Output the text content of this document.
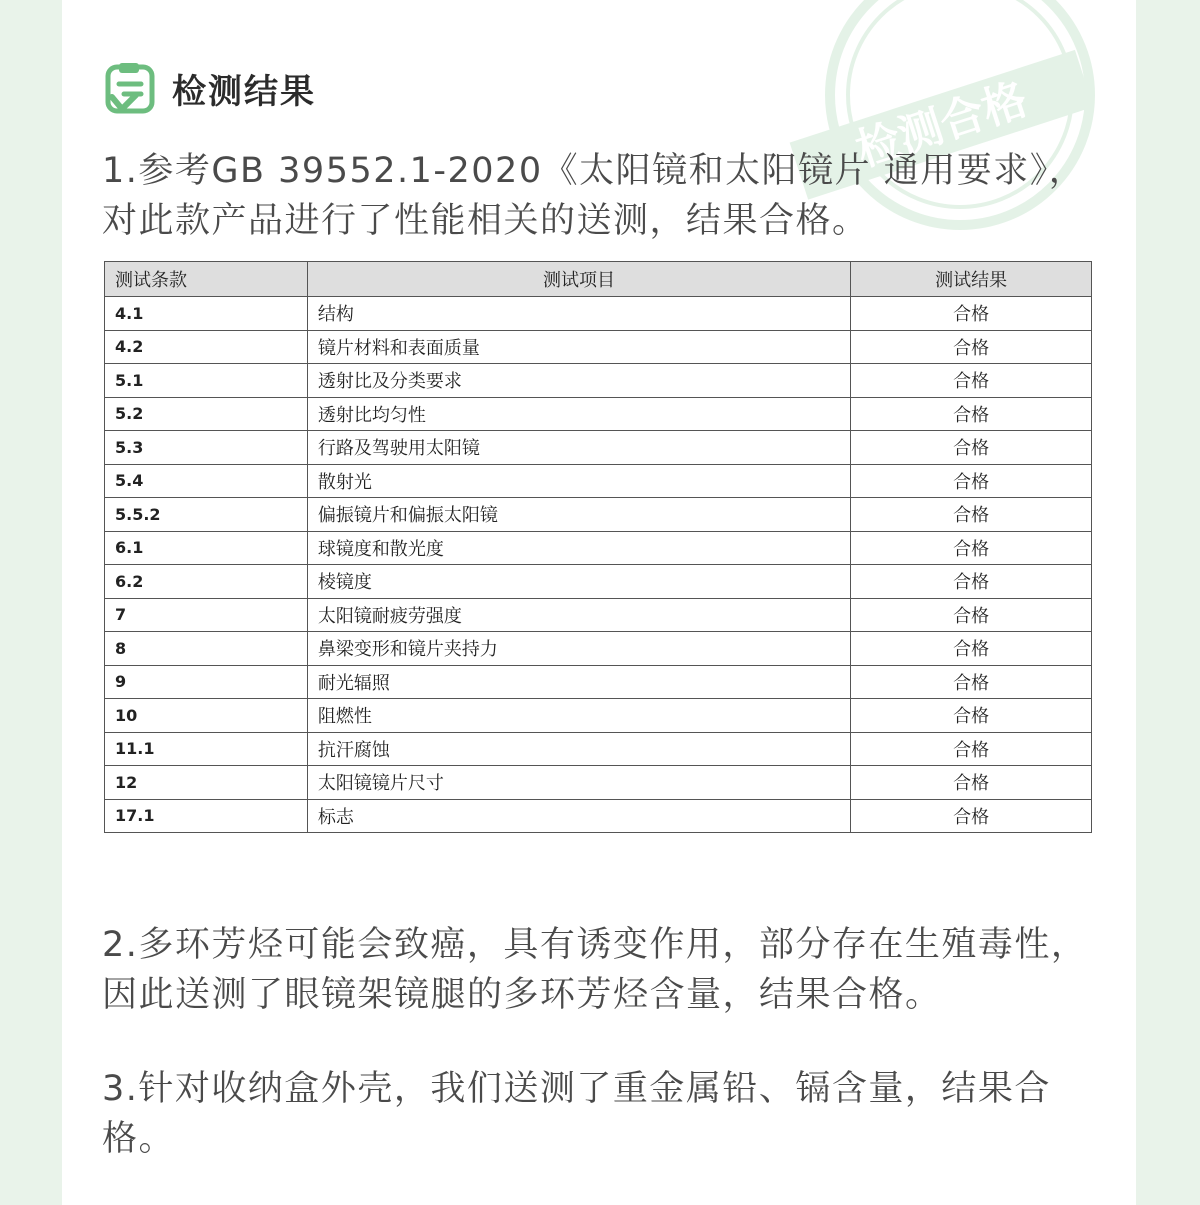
检测合格
检测结果
1.参考GB 39552.1-2020《太阳镜和太阳镜片 通用要求》，对此款产品进行了性能相关的送测，结果合格。
测试条款	测试项目	测试结果
4.1	结构	合格
4.2	镜片材料和表面质量	合格
5.1	透射比及分类要求	合格
5.2	透射比均匀性	合格
5.3	行路及驾驶用太阳镜	合格
5.4	散射光	合格
5.5.2	偏振镜片和偏振太阳镜	合格
6.1	球镜度和散光度	合格
6.2	棱镜度	合格
7	太阳镜耐疲劳强度	合格
8	鼻梁变形和镜片夹持力	合格
9	耐光辐照	合格
10	阻燃性	合格
11.1	抗汗腐蚀	合格
12	太阳镜镜片尺寸	合格
17.1	标志	合格
2.多环芳烃可能会致癌，具有诱变作用，部分存在生殖毒性，因此送测了眼镜架镜腿的多环芳烃含量，结果合格。
3.针对收纳盒外壳，我们送测了重金属铅、镉含量，结果合格。
